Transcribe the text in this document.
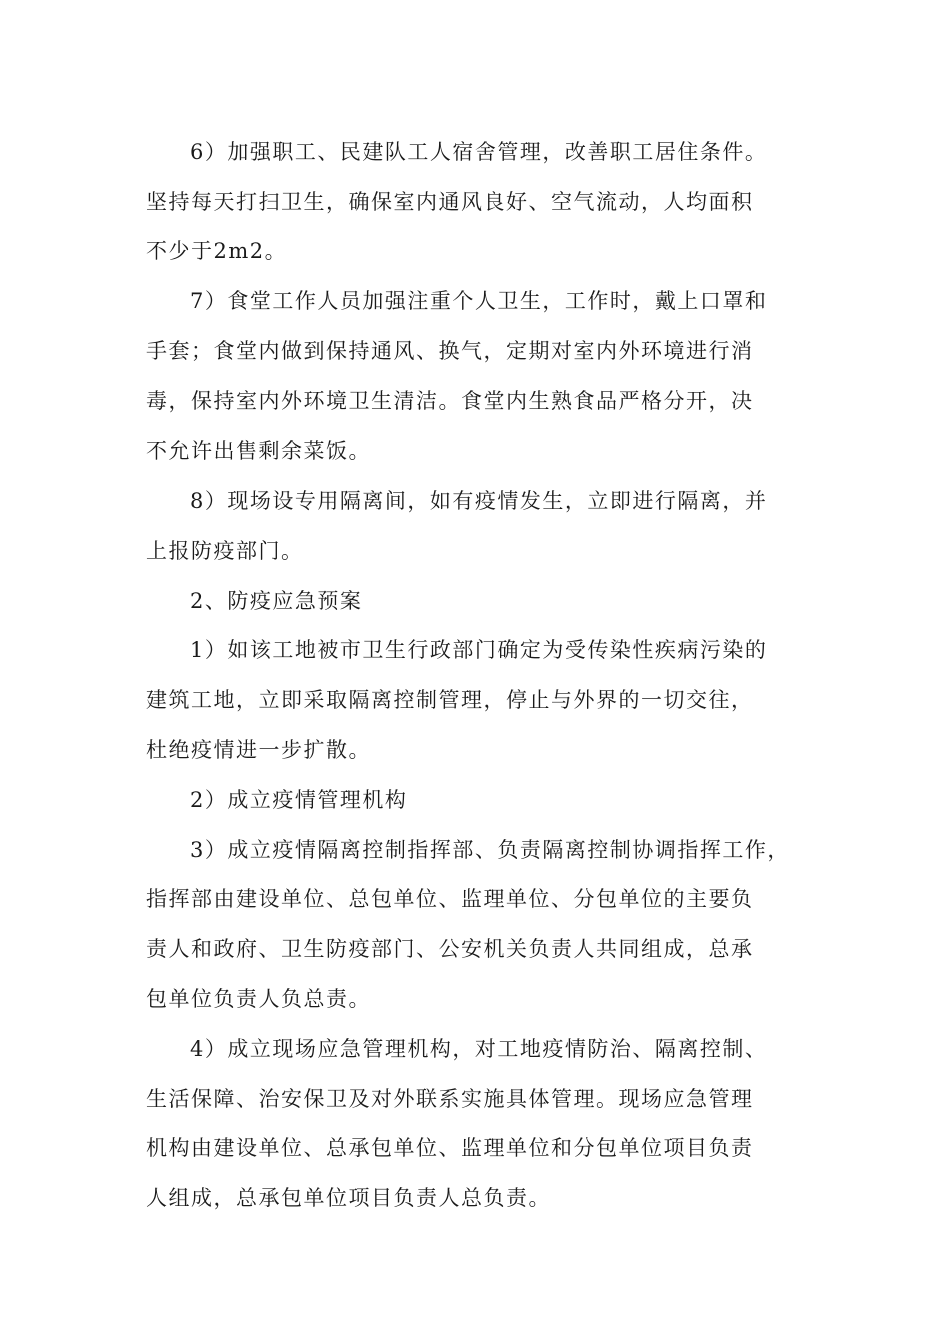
6）加强职工、民建队工人宿舍管理，改善职工居住条件。
坚持每天打扫卫生，确保室内通风良好、空气流动，人均面积
不少于2m2。
7）食堂工作人员加强注重个人卫生，工作时，戴上口罩和
手套；食堂内做到保持通风、换气，定期对室内外环境进行消
毒，保持室内外环境卫生清洁。食堂内生熟食品严格分开，决
不允许出售剩余菜饭。
8）现场设专用隔离间，如有疫情发生，立即进行隔离，并
上报防疫部门。
2、防疫应急预案
1）如该工地被市卫生行政部门确定为受传染性疾病污染的
建筑工地，立即采取隔离控制管理，停止与外界的一切交往，
杜绝疫情进一步扩散。
2）成立疫情管理机构
3）成立疫情隔离控制指挥部、负责隔离控制协调指挥工作，
指挥部由建设单位、总包单位、监理单位、分包单位的主要负
责人和政府、卫生防疫部门、公安机关负责人共同组成，总承
包单位负责人负总责。
4）成立现场应急管理机构，对工地疫情防治、隔离控制、
生活保障、治安保卫及对外联系实施具体管理。现场应急管理
机构由建设单位、总承包单位、监理单位和分包单位项目负责
人组成，总承包单位项目负责人总负责。
